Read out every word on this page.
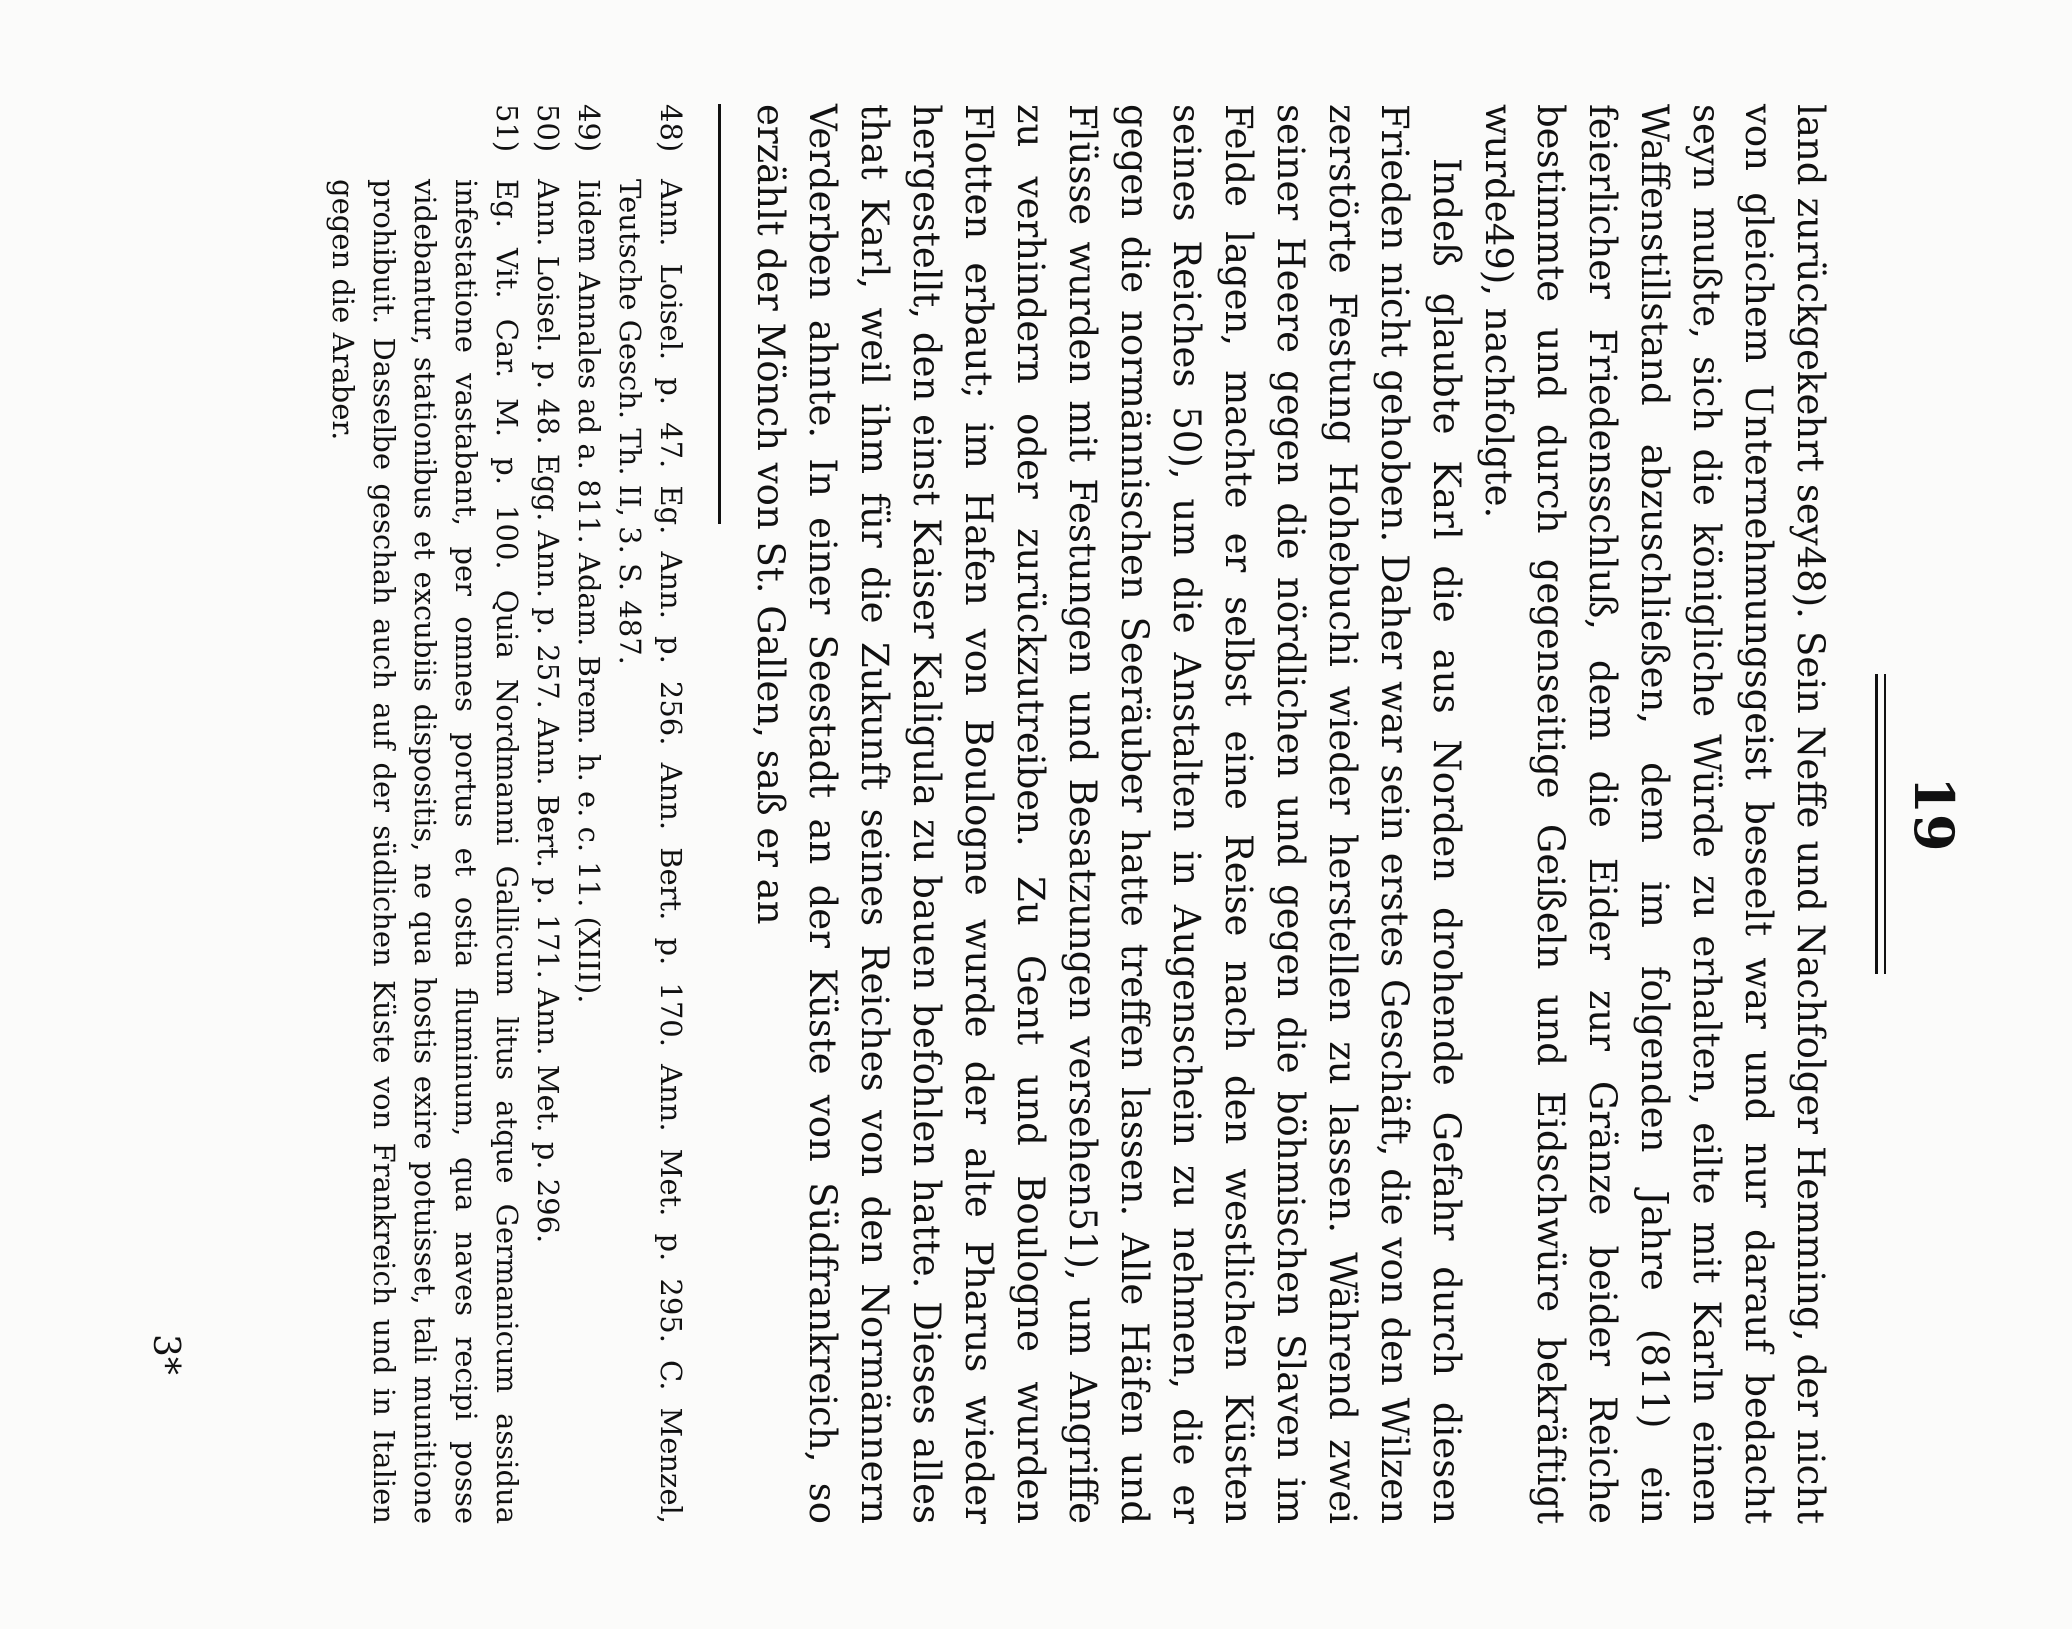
19

land zurückgekehrt sey48). Sein Neffe und Nachfolger Hemming, der nicht von gleichem Unternehmungsgeist beseelt war und nur darauf bedacht seyn mußte, sich die königliche Würde zu erhalten, eilte mit Karln einen Waffenstillstand abzuschließen, dem im folgenden Jahre (811) ein feierlicher Friedensschluß, dem die Eider zur Gränze beider Reiche bestimmte und durch gegenseitige Geißeln und Eidschwüre bekräftigt wurde49), nachfolgte.

Indeß glaubte Karl die aus Norden drohende Gefahr durch diesen Frieden nicht gehoben. Daher war sein erstes Geschäft, die von den Wilzen zerstörte Festung Hohebuchi wieder herstellen zu lassen. Während zwei seiner Heere gegen die nördlichen und gegen die böhmischen Slaven im Felde lagen, machte er selbst eine Reise nach den westlichen Küsten seines Reiches 50), um die Anstalten in Augenschein zu nehmen, die er gegen die normännischen Seeräuber hatte treffen lassen. Alle Häfen und Flüsse wurden mit Festungen und Besatzungen versehen51), um Angriffe zu verhindern oder zurückzutreiben. Zu Gent und Boulogne wurden Flotten erbaut; im Hafen von Boulogne wurde der alte Pharus wieder hergestellt, den einst Kaiser Kaligula zu bauen befohlen hatte. Dieses alles that Karl, weil ihm für die Zukunft seines Reiches von den Normännern Verderben ahnte. In einer Seestadt an der Küste von Südfrankreich, so erzählt der Mönch von St. Gallen, saß er an

48)
Ann. Loisel. p. 47. Eg. Ann. p. 256. Ann. Bert. p. 170. Ann. Met. p. 295. C. Menzel, Teutsche Gesch. Th. II, 3. S. 487.
49)
Iidem Annales ad a. 811. Adam. Brem. h. e. c. 11. (XIII).
50)
Ann. Loisel. p. 48. Egg. Ann. p. 257. Ann. Bert. p. 171. Ann. Met. p. 296.
51)
Eg. Vit. Car. M. p. 100. Quia Nordmanni Gallicum litus atque Germanicum assidua infestatione vastabant, per omnes portus et ostia fluminum, qua naves recipi posse videbantur, stationibus et excubiis dispositis, ne qua hostis exire potuisset, tali munitione prohibuit. Dasselbe geschah auch auf der südlichen Küste von Frankreich und in Italien gegen die Araber.
3*
